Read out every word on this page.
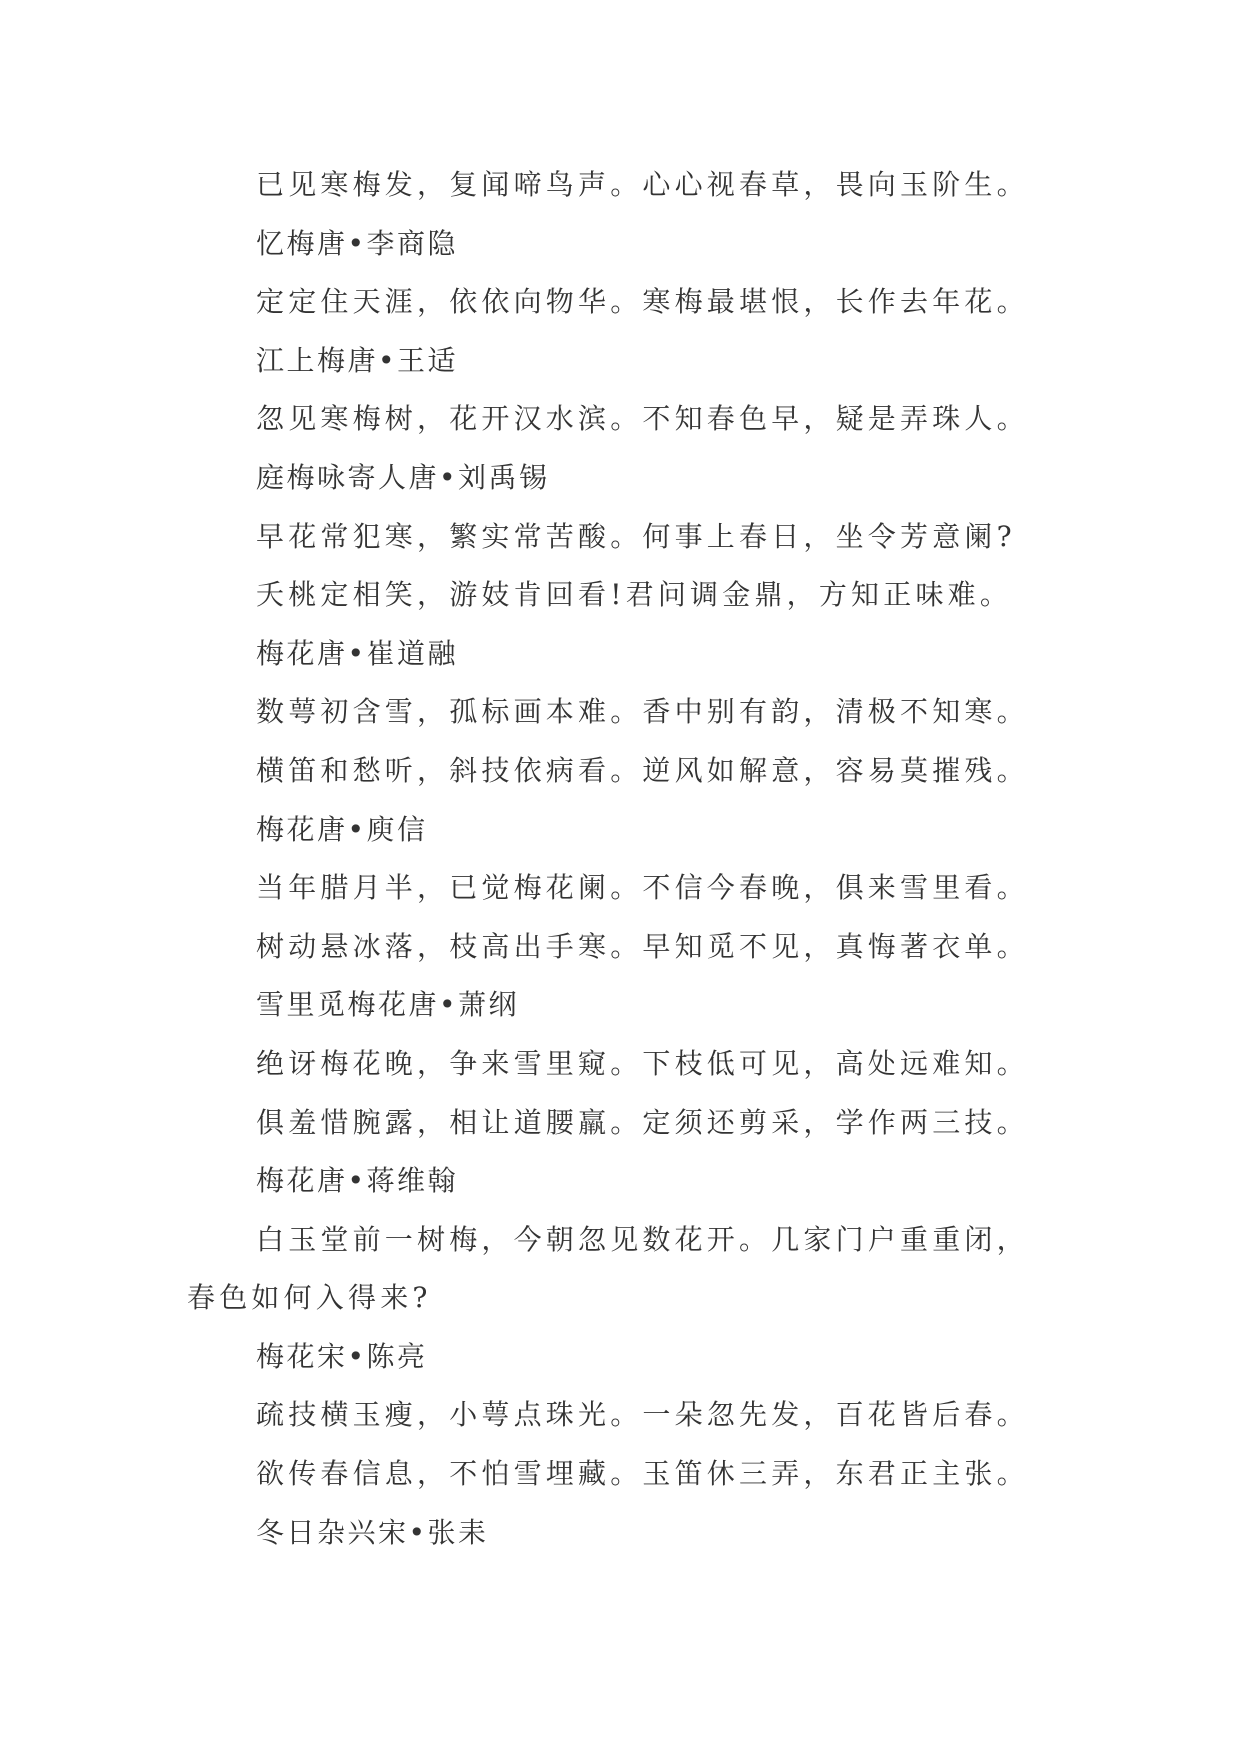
已见寒梅发，复闻啼鸟声。心心视春草，畏向玉阶生。
忆梅唐•李商隐
定定住天涯，依依向物华。寒梅最堪恨，长作去年花。
江上梅唐•王适
忽见寒梅树，花开汉水滨。不知春色早，疑是弄珠人。
庭梅咏寄人唐•刘禹锡
早花常犯寒，繁实常苦酸。何事上春日，坐令芳意阑?
夭桃定相笑，游妓肯回看!君问调金鼎，方知正味难。
梅花唐•崔道融
数萼初含雪，孤标画本难。香中别有韵，清极不知寒。
横笛和愁听，斜技依病看。逆风如解意，容易莫摧残。
梅花唐•庾信
当年腊月半，已觉梅花阑。不信今春晚，俱来雪里看。
树动悬冰落，枝高出手寒。早知觅不见，真悔著衣单。
雪里觅梅花唐•萧纲
绝讶梅花晚，争来雪里窥。下枝低可见，高处远难知。
俱羞惜腕露，相让道腰羸。定须还剪采，学作两三技。
梅花唐•蒋维翰
白玉堂前一树梅，今朝忽见数花开。几家门户重重闭，
春色如何入得来?
梅花宋•陈亮
疏技横玉瘦，小萼点珠光。一朵忽先发，百花皆后春。
欲传春信息，不怕雪埋藏。玉笛休三弄，东君正主张。
冬日杂兴宋•张耒
